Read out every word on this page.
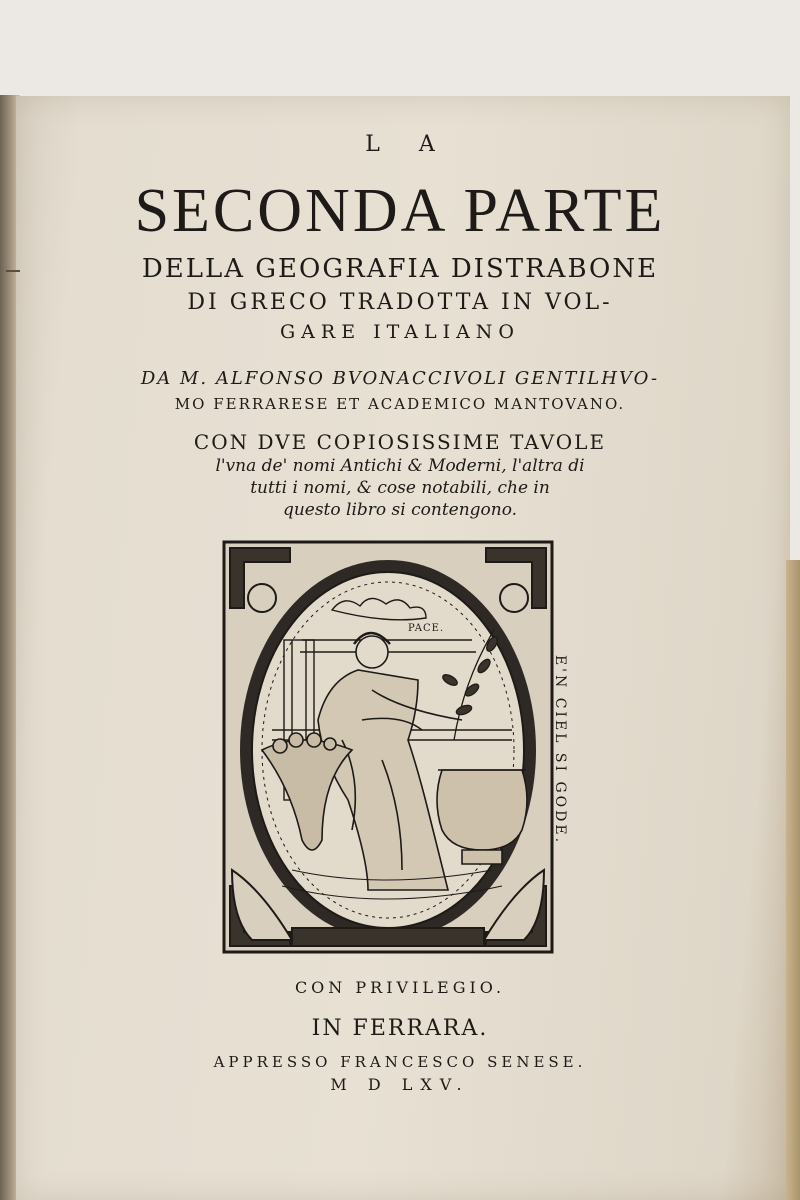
L A
SECONDA PARTE
DELLA GEOGRAFIA DISTRABONE
DI GRECO TRADOTTA IN VOL-
GARE ITALIANO
DA M. ALFONSO BVONACCIVOLI GENTILHVO-
MO FERRARESE ET ACADEMICO MANTOVANO.
CON DVE COPIOSISSIME TAVOLE
l'vna de' nomi Antichi & Moderni, l'altra di
tutti i nomi, & cose notabili, che in
questo libro si contengono.
E'N CIEL SI GODE.
PACE.
CON PRIVILEGIO.
IN FERRARA.
APPRESSO FRANCESCO SENESE.
M D LXV.
